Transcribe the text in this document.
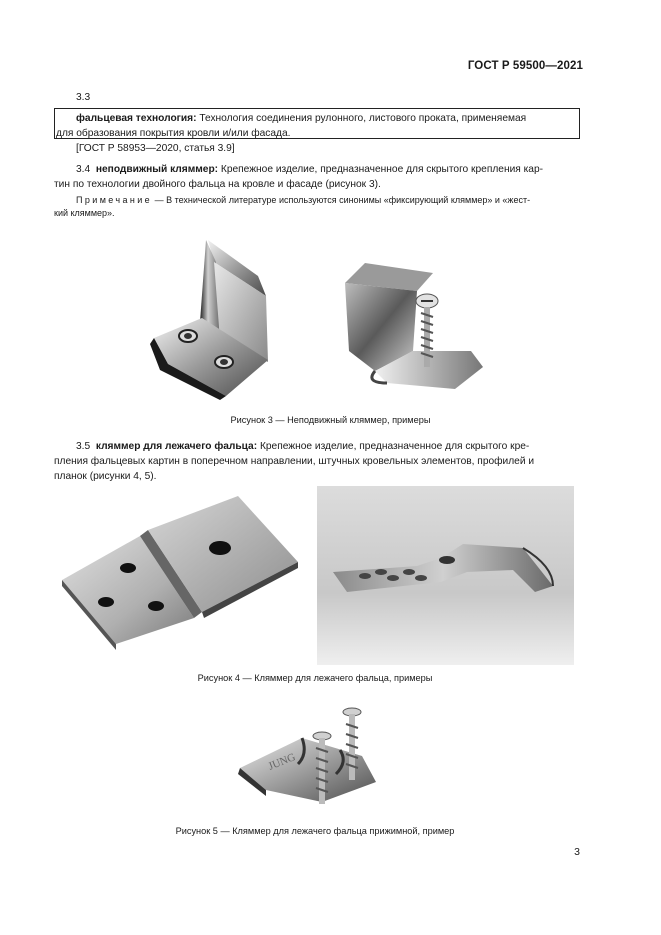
ГОСТ Р 59500—2021
3.3
фальцевая технология: Технология соединения рулонного, листового проката, применяемая
для образования покрытия кровли и/или фасада.
[ГОСТ Р 58953—2020, статья 3.9]
3.4 неподвижный кляммер: Крепежное изделие, предназначенное для скрытого крепления кар-
тин по технологии двойного фальца на кровле и фасаде (рисунок 3).
Примечание — В технической литературе используются синонимы «фиксирующий кляммер» и «жест-
кий кляммер».
Рисунок 3 — Неподвижный кляммер, примеры
3.5 кляммер для лежачего фальца: Крепежное изделие, предназначенное для скрытого кре-
пления фальцевых картин в поперечном направлении, штучных кровельных элементов, профилей и
планок (рисунки 4, 5).
Рисунок 4 — Кляммер для лежачего фальца, примеры
JUNG
Рисунок 5 — Кляммер для лежачего фальца прижимной, пример
3
